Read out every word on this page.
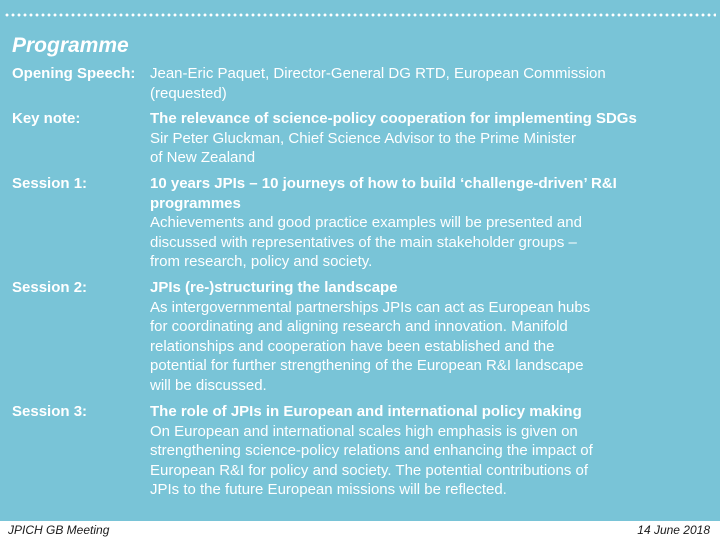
Programme
Opening Speech: Jean-Eric Paquet, Director-General DG RTD, European Commission
(requested)
Key note:	The relevance of science-policy cooperation for implementing SDGs
Sir Peter Gluckman, Chief Science Advisor to the Prime Minister
of New Zealand
Session 1:	10 years JPIs – 10 journeys of how to build ‘challenge-driven’ R&I
programmes
Achievements and good practice examples will be presented and
discussed with representatives of the main stakeholder groups –
from research, policy and society.
Session 2:	JPIs (re-)structuring the landscape
As intergovernmental partnerships JPIs can act as European hubs
for coordinating and aligning research and innovation. Manifold
relationships and cooperation have been established and the
potential for further strengthening of the European R&I landscape
will be discussed.
Session 3:	The role of JPIs in European and international policy making
On European and international scales high emphasis is given on
strengthening science-policy relations and enhancing the impact of
European R&I for policy and society. The potential contributions of
JPIs to the future European missions will be reflected.
JPICH GB Meeting	14 June 2018
